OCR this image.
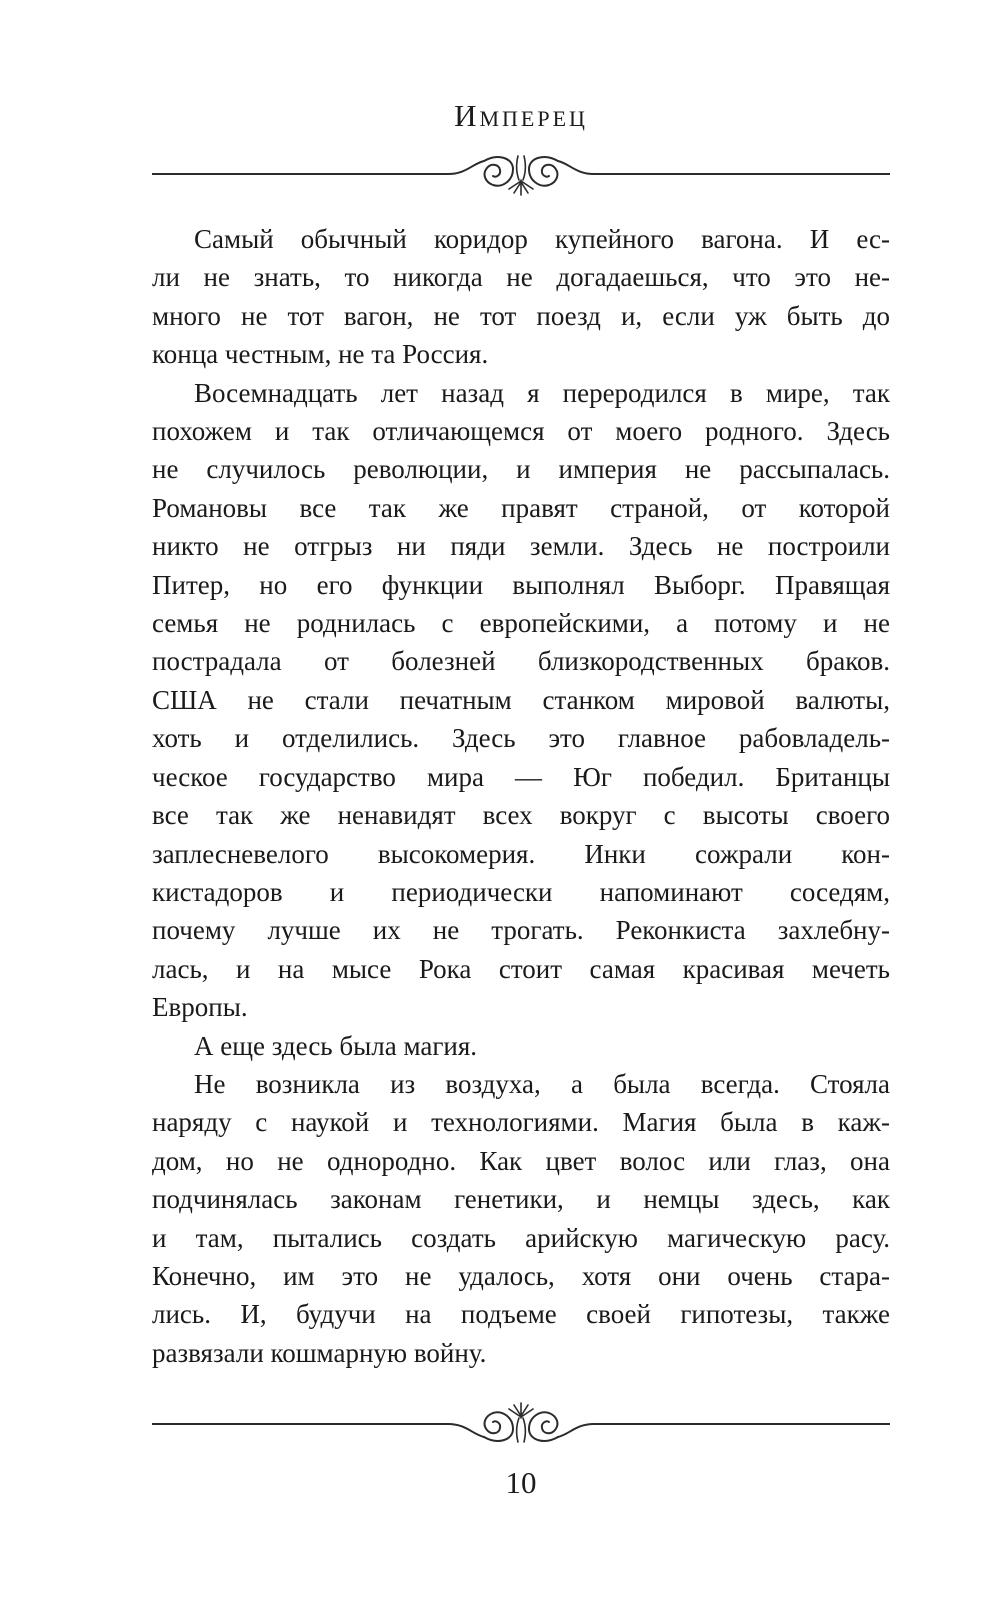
Имперец
Самый обычный коридор купейного вагона. И ес-
ли не знать, то никогда не догадаешься, что это не-
много не тот вагон, не тот поезд и, если уж быть до
конца честным, не та Россия.
Восемнадцать лет назад я переродился в мире, так
похожем и так отличающемся от моего родного. Здесь
не случилось революции, и империя не рассыпалась.
Романовы все так же правят страной, от которой
никто не отгрыз ни пяди земли. Здесь не построили
Питер, но его функции выполнял Выборг. Правящая
семья не роднилась с европейскими, а потому и не
пострадала от болезней близкородственных браков.
США не стали печатным станком мировой валюты,
хоть и отделились. Здесь это главное рабовладель-
ческое государство мира — Юг победил. Британцы
все так же ненавидят всех вокруг с высоты своего
заплесневелого высокомерия. Инки сожрали кон-
кистадоров и периодически напоминают соседям,
почему лучше их не трогать. Реконкиста захлебну-
лась, и на мысе Рока стоит самая красивая мечеть
Европы.
А еще здесь была магия.
Не возникла из воздуха, а была всегда. Стояла
наряду с наукой и технологиями. Магия была в каж-
дом, но не однородно. Как цвет волос или глаз, она
подчинялась законам генетики, и немцы здесь, как
и там, пытались создать арийскую магическую расу.
Конечно, им это не удалось, хотя они очень стара-
лись. И, будучи на подъеме своей гипотезы, также
развязали кошмарную войну.
10
